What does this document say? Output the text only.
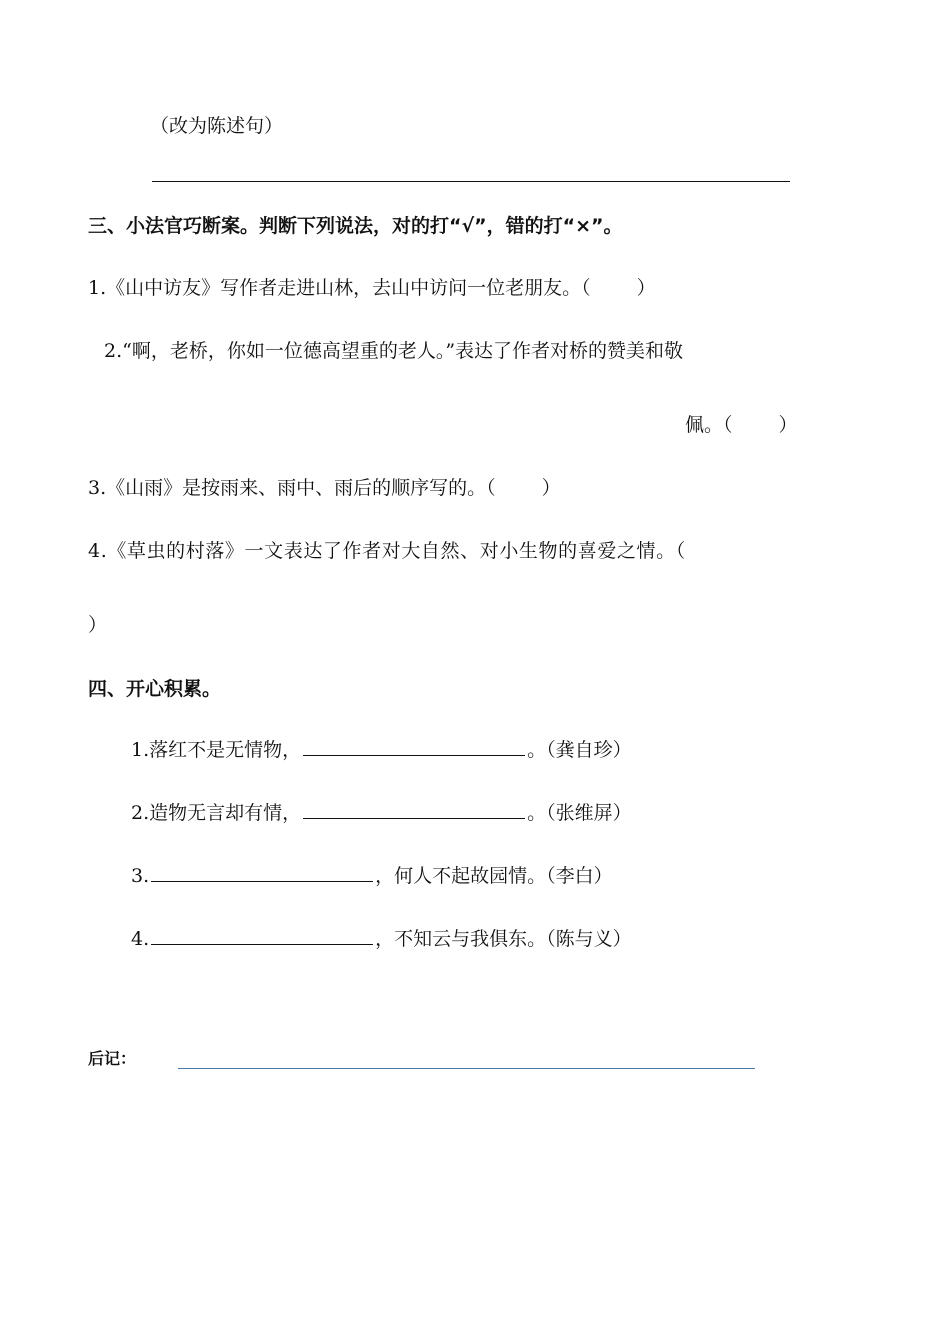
（改为陈述句）
三、小法官巧断案。判断下列说法，对的打“√”，错的打“×”。
1.《山中访友》写作者走进山林，去山中访问一位老朋友。（ ）
2.“啊，老桥，你如一位德高望重的老人。”表达了作者对桥的赞美和敬
佩。（ ）
3.《山雨》是按雨来、雨中、雨后的顺序写的。（ ）
4.《草虫的村落》一文表达了作者对大自然、对小生物的喜爱之情。（
）
四、开心积累。
1.落红不是无情物，	。（龚自珍）
2.造物无言却有情，	。（张维屏）
3.	，何人不起故园情。（李白）
4.	，不知云与我俱东。（陈与义）
后记：
